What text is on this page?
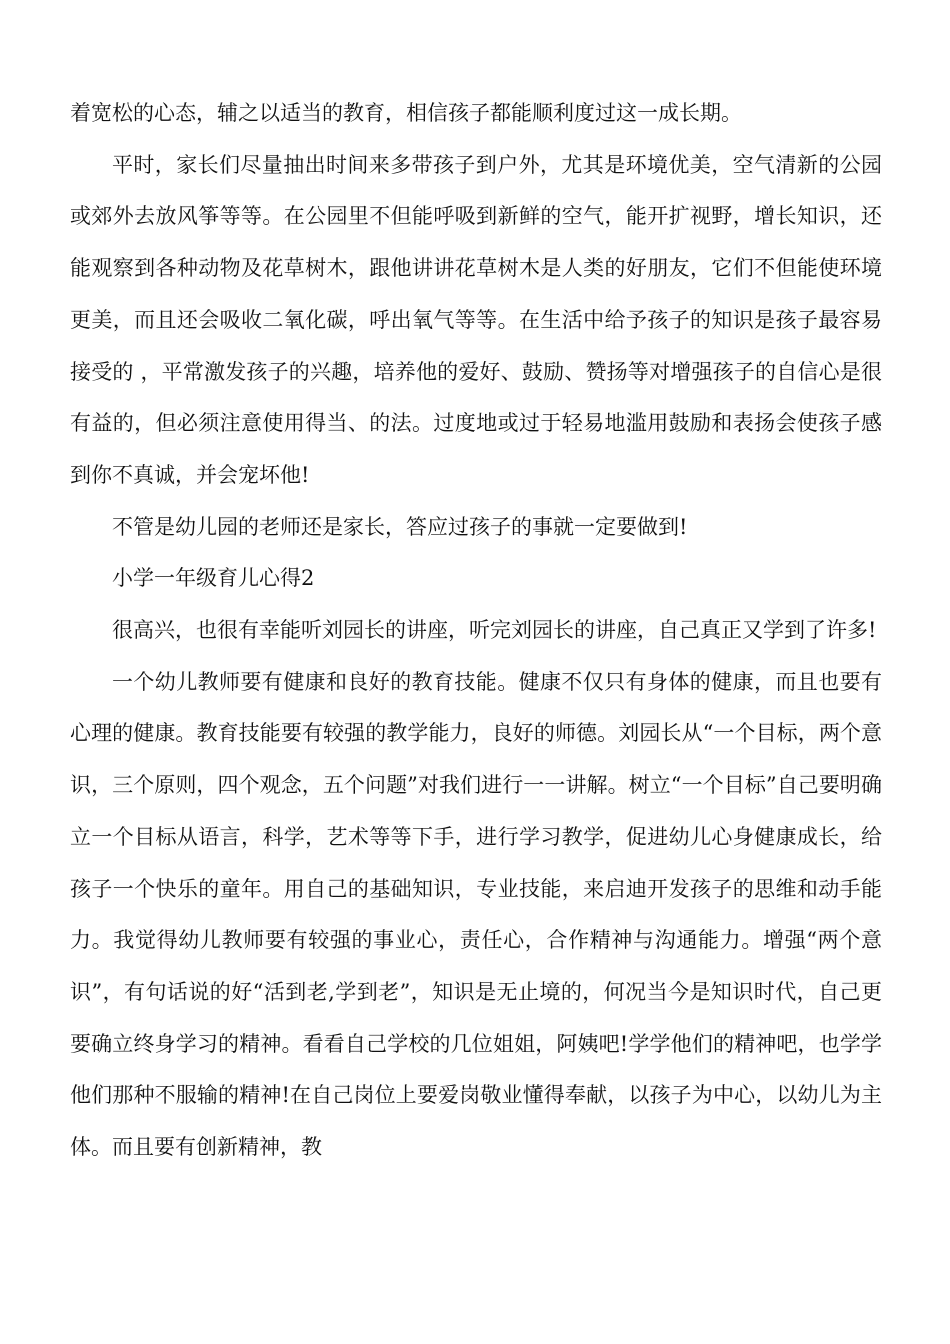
着宽松的心态，辅之以适当的教育，相信孩子都能顺利度过这一成长期。

平时，家长们尽量抽出时间来多带孩子到户外，尤其是环境优美，空气清新的公园或郊外去放风筝等等。在公园里不但能呼吸到新鲜的空气，能开扩视野，增长知识，还能观察到各种动物及花草树木，跟他讲讲花草树木是人类的好朋友，它们不但能使环境更美，而且还会吸收二氧化碳，呼出氧气等等。在生活中给予孩子的知识是孩子最容易接受的 ，平常激发孩子的兴趣，培养他的爱好、鼓励、赞扬等对增强孩子的自信心是很有益的，但必须注意使用得当、的法。过度地或过于轻易地滥用鼓励和表扬会使孩子感到你不真诚，并会宠坏他!

不管是幼儿园的老师还是家长，答应过孩子的事就一定要做到!

小学一年级育儿心得2

很高兴，也很有幸能听刘园长的讲座，听完刘园长的讲座，自己真正又学到了许多!

一个幼儿教师要有健康和良好的教育技能。健康不仅只有身体的健康，而且也要有心理的健康。教育技能要有较强的教学能力，良好的师德。刘园长从“一个目标，两个意识，三个原则，四个观念，五个问题”对我们进行一一讲解。树立“一个目标”自己要明确立一个目标从语言，科学，艺术等等下手，进行学习教学，促进幼儿心身健康成长，给孩子一个快乐的童年。用自己的基础知识，专业技能，来启迪开发孩子的思维和动手能力。我觉得幼儿教师要有较强的事业心，责任心，合作精神与沟通能力。增强“两个意识”，有句话说的好“活到老,学到老”，知识是无止境的，何况当今是知识时代，自己更要确立终身学习的精神。看看自己学校的几位姐姐，阿姨吧!学学他们的精神吧，也学学他们那种不服输的精神!在自己岗位上要爱岗敬业懂得奉献，以孩子为中心，以幼儿为主体。而且要有创新精神，教
